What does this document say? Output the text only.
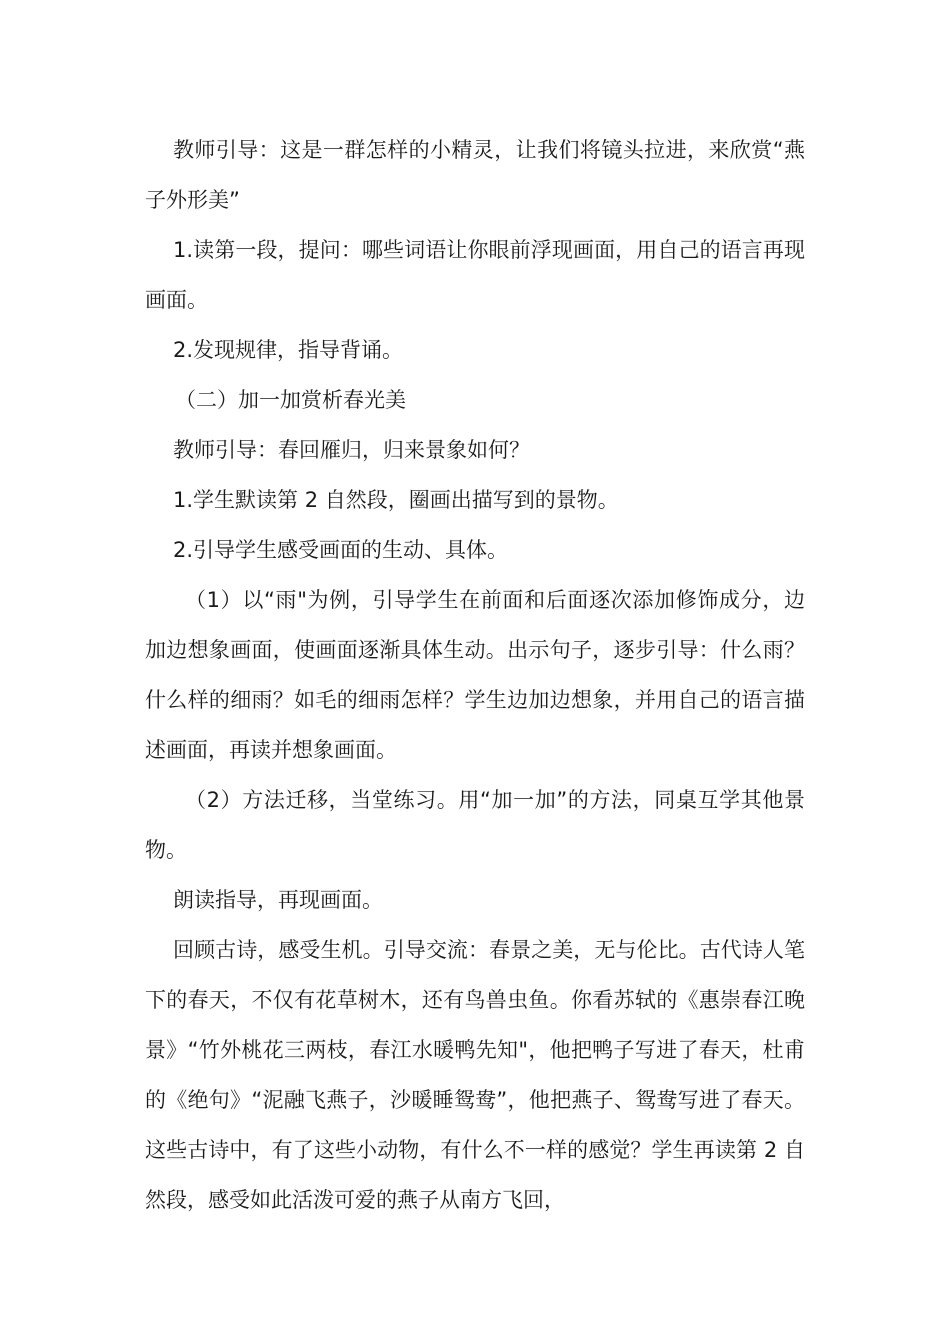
教师引导：这是一群怎样的小精灵，让我们将镜头拉进，来欣赏“燕子外形美”

1.读第一段，提问：哪些词语让你眼前浮现画面，用自己的语言再现画面。

2.发现规律，指导背诵。

（二）加一加赏析春光美

教师引导：春回雁归，归来景象如何？

1.学生默读第 2 自然段，圈画出描写到的景物。

2.引导学生感受画面的生动、具体。

（1）以“雨"为例，引导学生在前面和后面逐次添加修饰成分，边加边想象画面，使画面逐渐具体生动。出示句子，逐步引导：什么雨？什么样的细雨？如毛的细雨怎样？学生边加边想象，并用自己的语言描述画面，再读并想象画面。

（2）方法迁移，当堂练习。用“加一加”的方法，同桌互学其他景物。

朗读指导，再现画面。

回顾古诗，感受生机。引导交流：春景之美，无与伦比。古代诗人笔下的春天，不仅有花草树木，还有鸟兽虫鱼。你看苏轼的《惠崇春江晚景》“竹外桃花三两枝，春江水暖鸭先知"，他把鸭子写进了春天，杜甫的《绝句》“泥融飞燕子，沙暖睡鸳鸯”，他把燕子、鸳鸯写进了春天。这些古诗中，有了这些小动物，有什么不一样的感觉？学生再读第 2 自然段，感受如此活泼可爱的燕子从南方飞回，
